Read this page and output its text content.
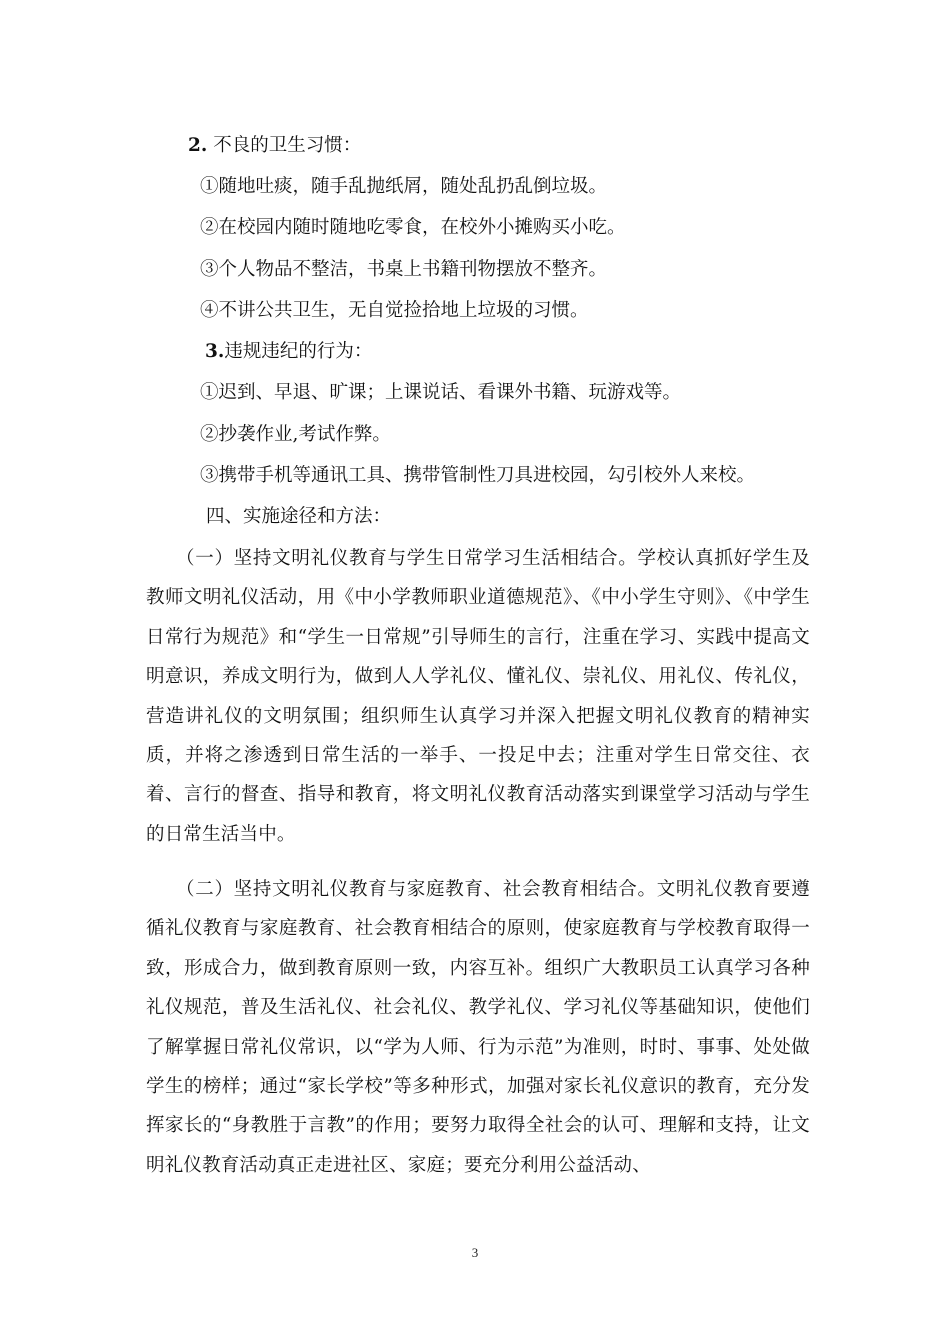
2. 不良的卫生习惯：
①随地吐痰，随手乱抛纸屑，随处乱扔乱倒垃圾。
②在校园内随时随地吃零食，在校外小摊购买小吃。
③个人物品不整洁，书桌上书籍刊物摆放不整齐。
④不讲公共卫生，无自觉捡拾地上垃圾的习惯。
3.违规违纪的行为：
①迟到、早退、旷课；上课说话、看课外书籍、玩游戏等。
②抄袭作业,考试作弊。
③携带手机等通讯工具、携带管制性刀具进校园，勾引校外人来校。
四、实施途径和方法：
（一）坚持文明礼仪教育与学生日常学习生活相结合。学校认真抓好学生及教师文明礼仪活动，用《中小学教师职业道德规范》、《中小学生守则》、《中学生日常行为规范》和“学生一日常规”引导师生的言行，注重在学习、实践中提高文明意识，养成文明行为，做到人人学礼仪、懂礼仪、崇礼仪、用礼仪、传礼仪，营造讲礼仪的文明氛围；组织师生认真学习并深入把握文明礼仪教育的精神实质，并将之渗透到日常生活的一举手、一投足中去；注重对学生日常交往、衣着、言行的督查、指导和教育，将文明礼仪教育活动落实到课堂学习活动与学生的日常生活当中。
（二）坚持文明礼仪教育与家庭教育、社会教育相结合。文明礼仪教育要遵循礼仪教育与家庭教育、社会教育相结合的原则，使家庭教育与学校教育取得一致，形成合力，做到教育原则一致，内容互补。组织广大教职员工认真学习各种礼仪规范，普及生活礼仪、社会礼仪、教学礼仪、学习礼仪等基础知识，使他们了解掌握日常礼仪常识，以“学为人师、行为示范”为准则，时时、事事、处处做学生的榜样；通过“家长学校”等多种形式，加强对家长礼仪意识的教育，充分发挥家长的“身教胜于言教”的作用；要努力取得全社会的认可、理解和支持，让文明礼仪教育活动真正走进社区、家庭；要充分利用公益活动、
3
